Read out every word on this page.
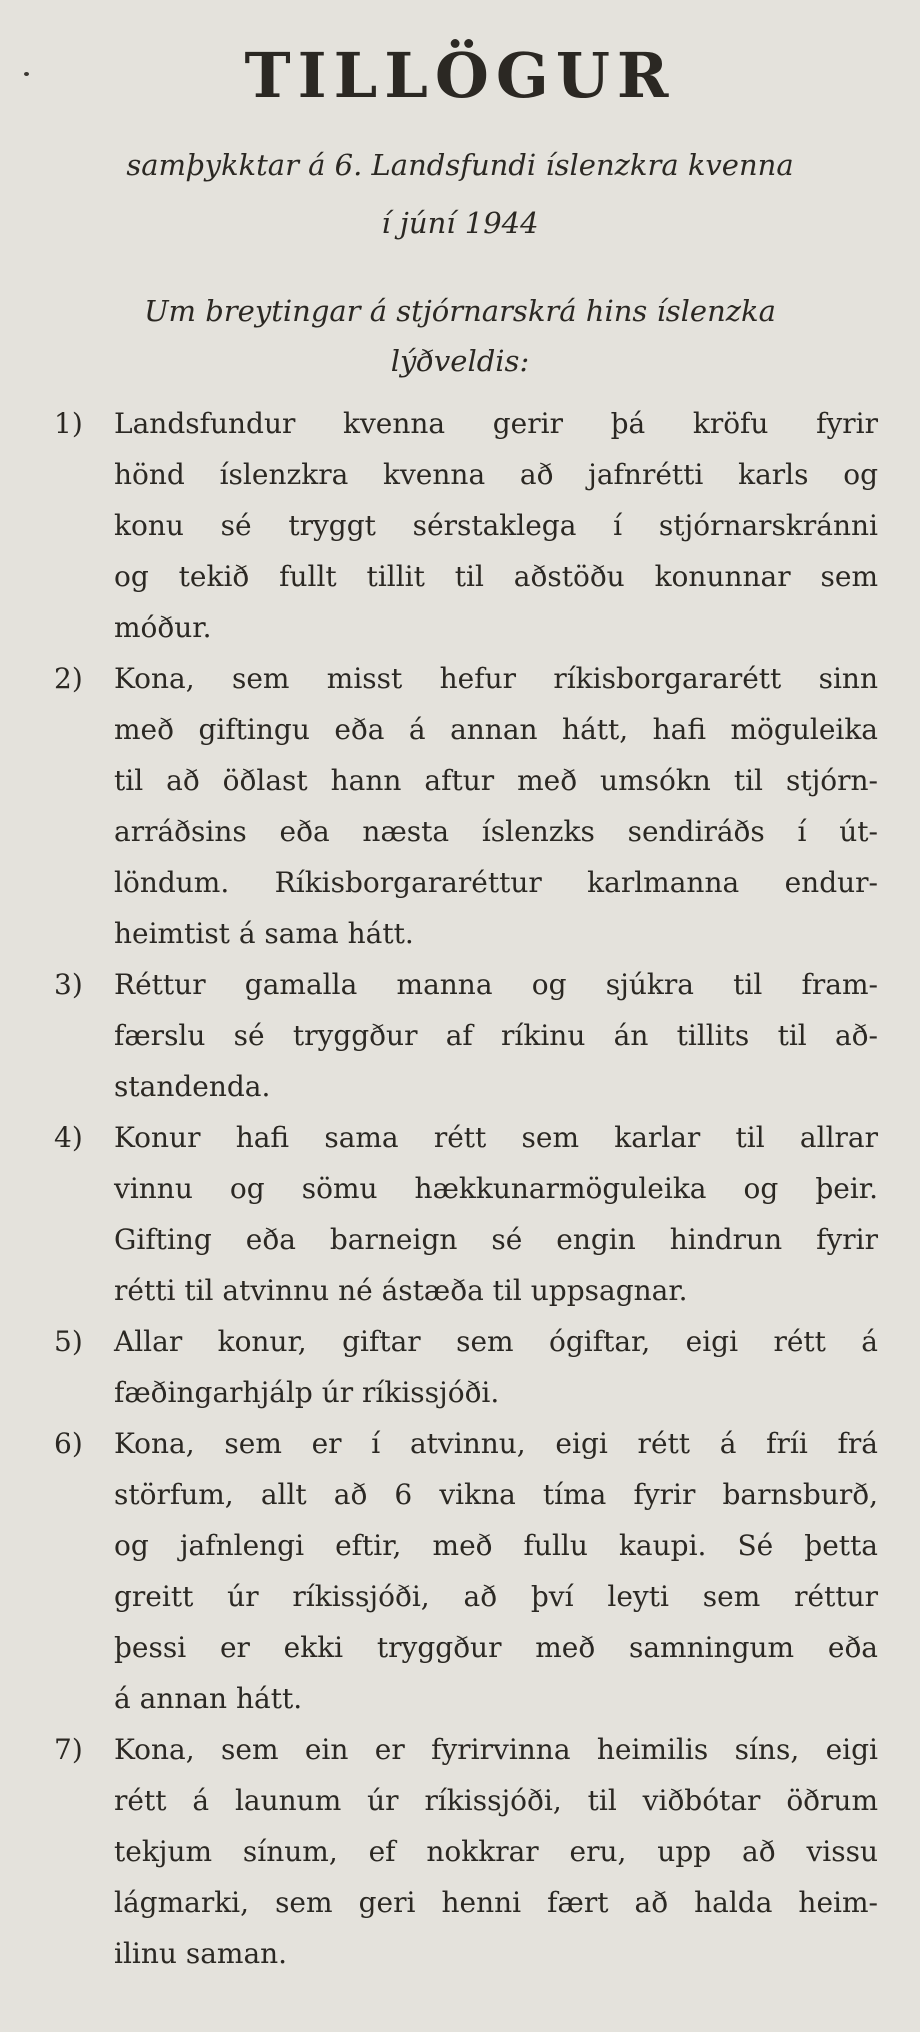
TILLÖGUR
samþykktar á 6. Landsfundi íslenzkra kvenna
í júní 1944
Um breytingar á stjórnarskrá hins íslenzka
lýðveldis:
1) Landsfundur kvenna gerir þá kröfu fyrir
hönd íslenzkra kvenna að jafnrétti karls og
konu sé tryggt sérstaklega í stjórnarskránni
og tekið fullt tillit til aðstöðu konunnar sem
móður.
2) Kona, sem misst hefur ríkisborgararétt sinn
með giftingu eða á annan hátt, hafi möguleika
til að öðlast hann aftur með umsókn til stjórn-
arráðsins eða næsta íslenzks sendiráðs í út-
löndum. Ríkisborgararéttur karlmanna endur-
heimtist á sama hátt.
3) Réttur gamalla manna og sjúkra til fram-
færslu sé tryggður af ríkinu án tillits til að-
standenda.
4) Konur hafi sama rétt sem karlar til allrar
vinnu og sömu hækkunarmöguleika og þeir.
Gifting eða barneign sé engin hindrun fyrir
rétti til atvinnu né ástæða til uppsagnar.
5) Allar konur, giftar sem ógiftar, eigi rétt á
fæðingarhjálp úr ríkissjóði.
6) Kona, sem er í atvinnu, eigi rétt á fríi frá
störfum, allt að 6 vikna tíma fyrir barnsburð,
og jafnlengi eftir, með fullu kaupi. Sé þetta
greitt úr ríkissjóði, að því leyti sem réttur
þessi er ekki tryggður með samningum eða
á annan hátt.
7) Kona, sem ein er fyrirvinna heimilis síns, eigi
rétt á launum úr ríkissjóði, til viðbótar öðrum
tekjum sínum, ef nokkrar eru, upp að vissu
lágmarki, sem geri henni fært að halda heim-
ilinu saman.
